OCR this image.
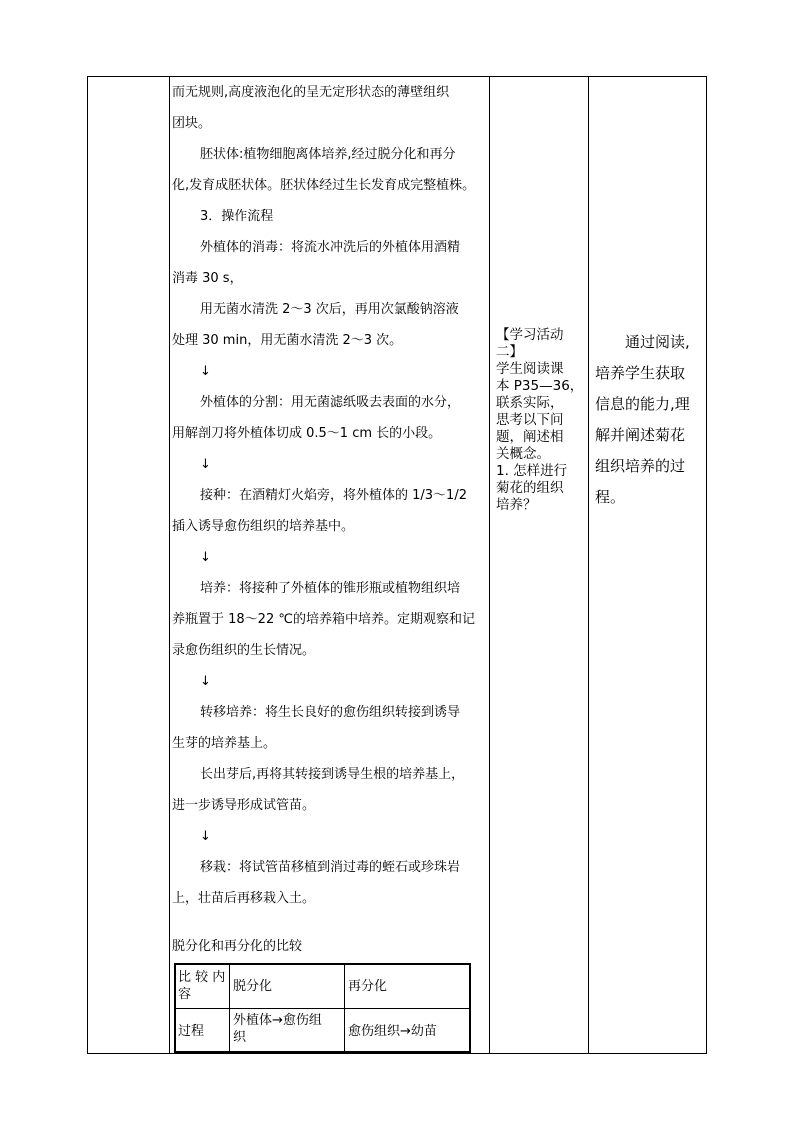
而无规则,高度液泡化的呈无定形状态的薄壁组织

团块。

胚状体:植物细胞离体培养,经过脱分化和再分

化,发育成胚状体。胚状体经过生长发育成完整植株。

3．操作流程

外植体的消毒：将流水冲洗后的外植体用酒精

消毒 30 s，

用无菌水清洗 2～3 次后，再用次氯酸钠溶液

处理 30 min，用无菌水清洗 2～3 次。

↓

外植体的分割：用无菌滤纸吸去表面的水分，

用解剖刀将外植体切成 0.5～1 cm 长的小段。

↓

接种：在酒精灯火焰旁，将外植体的 1/3～1/2

插入诱导愈伤组织的培养基中。

↓

培养：将接种了外植体的锥形瓶或植物组织培

养瓶置于 18～22 ℃的培养箱中培养。定期观察和记

录愈伤组织的生长情况。

↓

转移培养：将生长良好的愈伤组织转接到诱导

生芽的培养基上。

长出芽后,再将其转接到诱导生根的培养基上，

进一步诱导形成试管苗。

↓

移栽：将试管苗移植到消过毒的蛭石或珍珠岩

上，壮苗后再移栽入土。

脱分化和再分化的比较

【学习活动
二】
学生阅读课
本 P35—36，
联系实际，
思考以下问
题，阐述相
关概念。
1. 怎样进行
菊花的组织
培养？
通过阅读,
培养学生获取
信息的能力,理
解并阐述菊花
组织培养的过
程。
比 较 内
容
脱分化	再分化
过程
外植体→愈伤组
织	愈伤组织→幼苗
